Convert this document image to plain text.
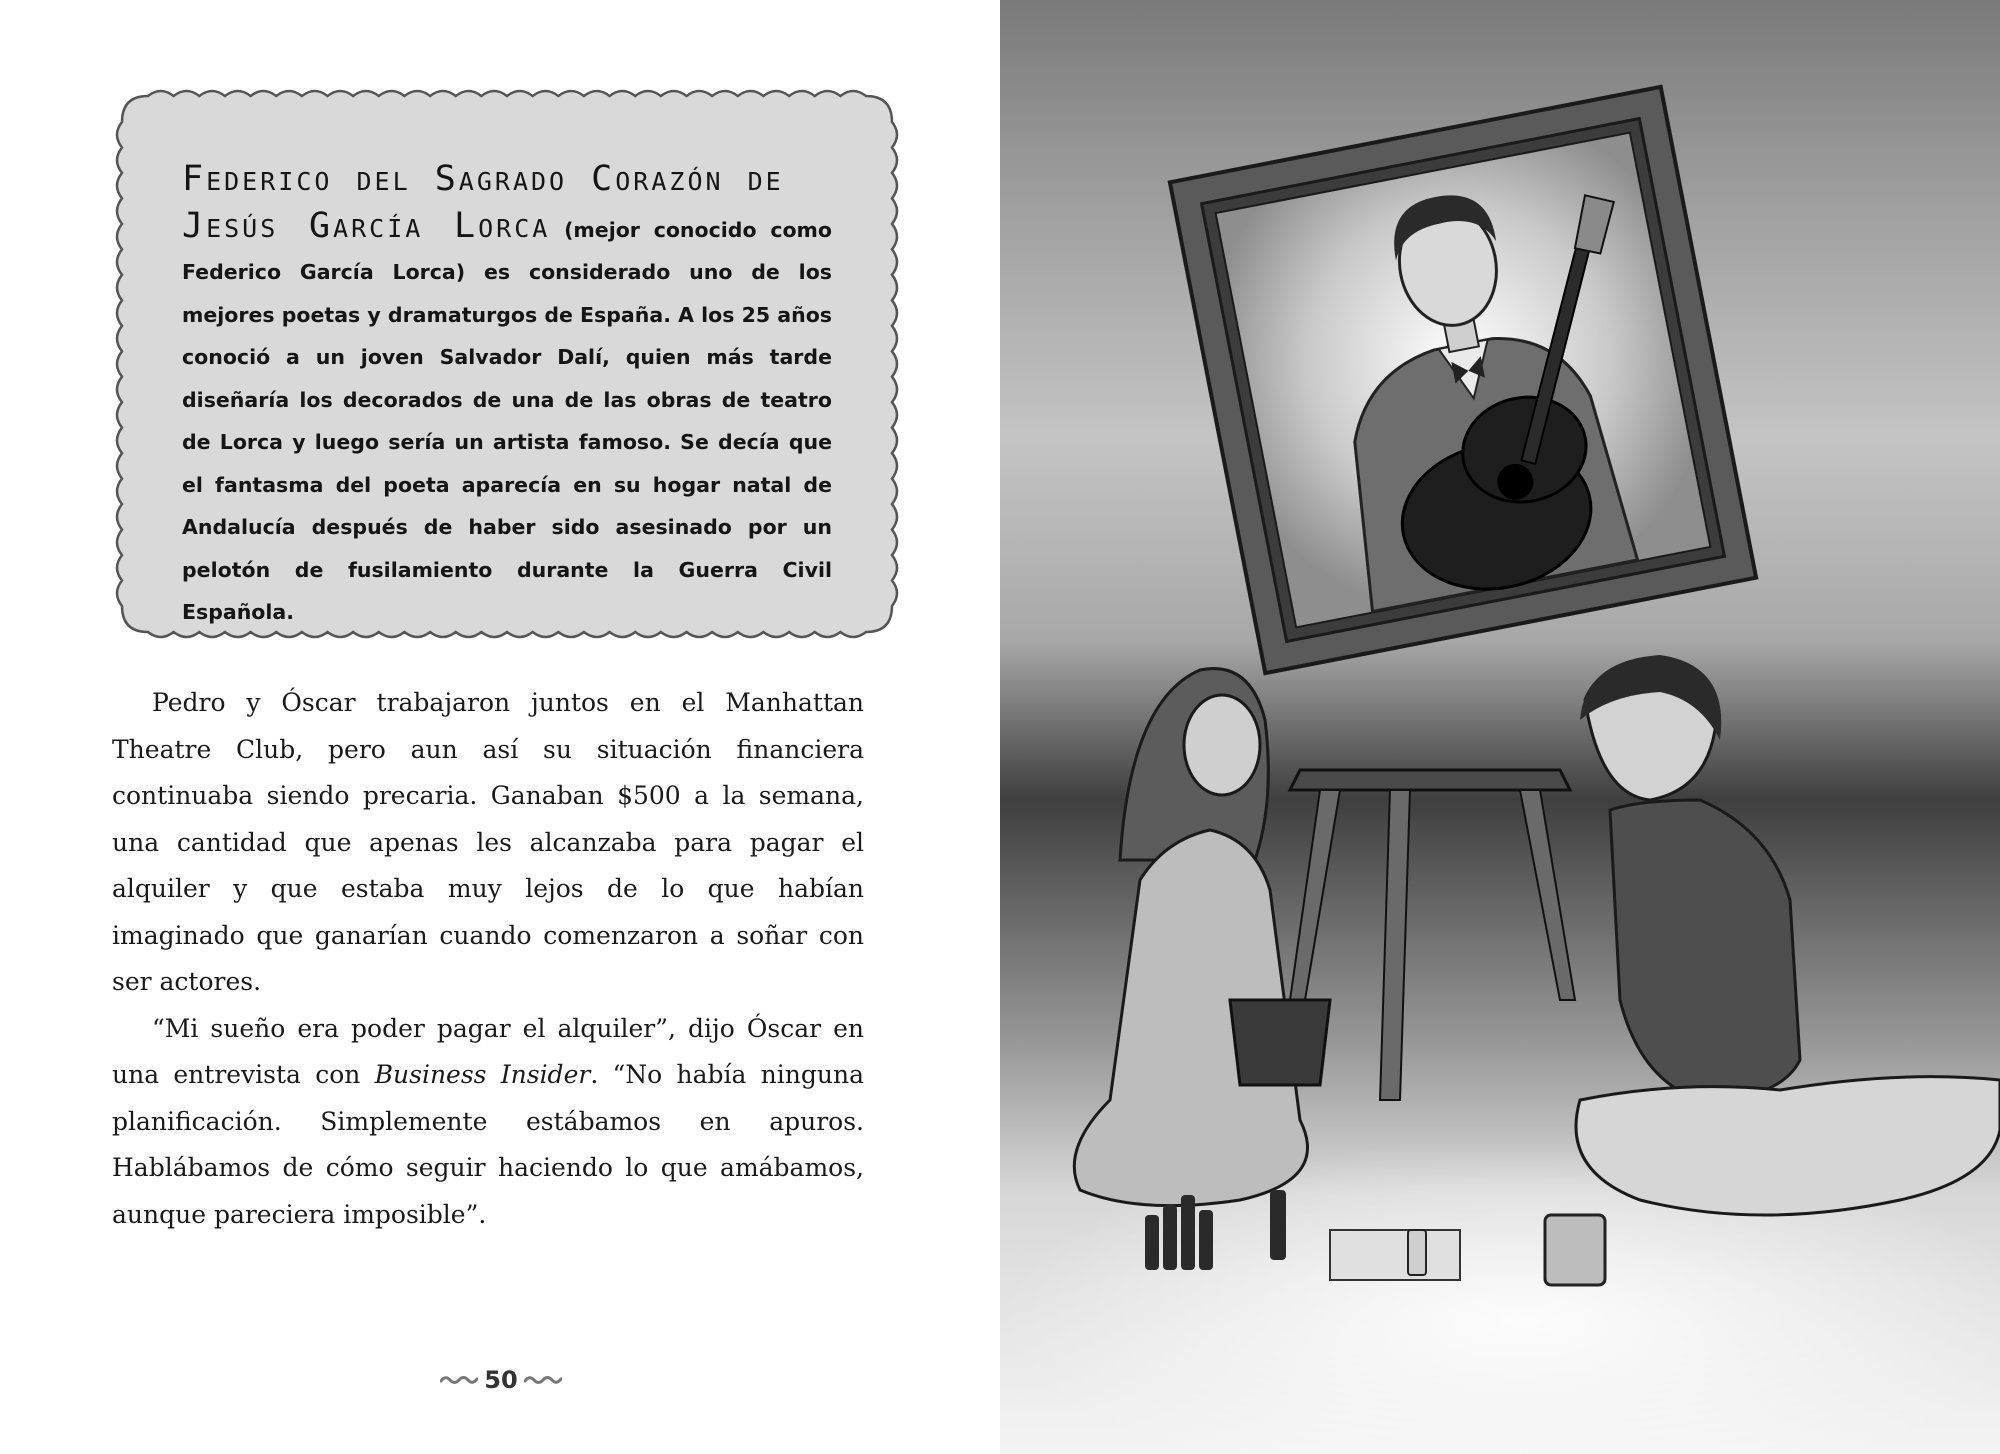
Federico del Sagrado Corazón de
Jesús García Lorca (mejor conocido como Federico García Lorca) es considerado uno de los mejores poetas y dramaturgos de España. A los 25 años conoció a un joven Salvador Dalí, quien más tarde diseñaría los decorados de una de las obras de teatro de Lorca y luego sería un artista famoso. Se decía que el fantasma del poeta aparecía en su hogar natal de Andalucía después de haber sido asesinado por un pelotón de fusilamiento durante la Guerra Civil Española.

Pedro y Óscar trabajaron juntos en el Manhattan Theatre Club, pero aun así su situación financiera continuaba siendo precaria. Ganaban $500 a la semana, una cantidad que apenas les alcanzaba para pagar el alquiler y que estaba muy lejos de lo que habían imaginado que ganarían cuando comenzaron a soñar con ser actores.

“Mi sueño era poder pagar el alquiler”, dijo Óscar en una entrevista con Business Insider. “No había ninguna planificación. Simplemente estábamos en apuros. Hablábamos de cómo seguir haciendo lo que amábamos, aunque pareciera imposible”.

50
